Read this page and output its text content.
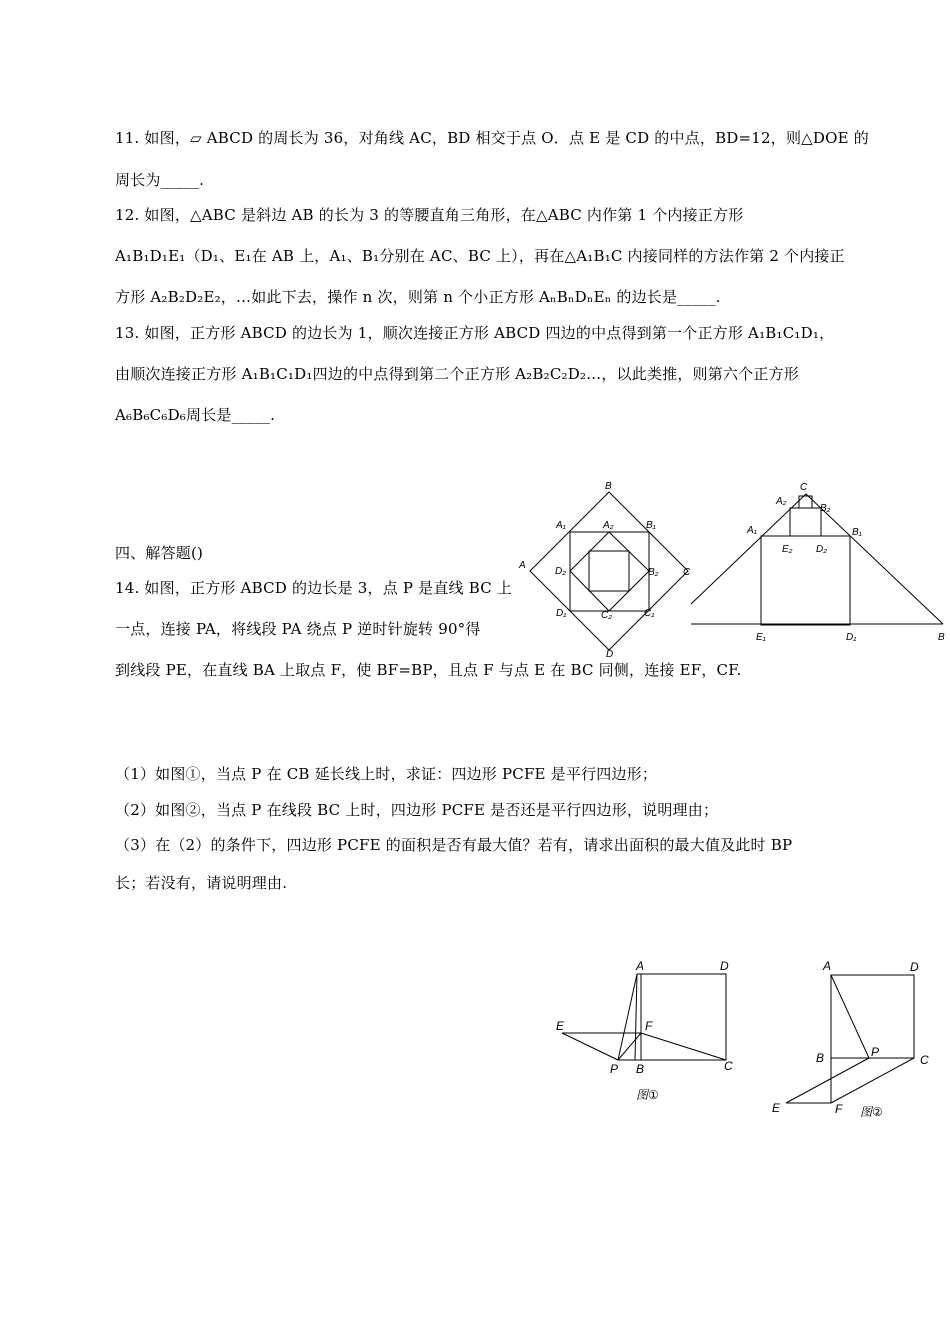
11. 如图，▱ ABCD 的周长为 36，对角线 AC，BD 相交于点 O．点 E 是 CD 的中点，BD=12，则△DOE 的
周长为_____.
12. 如图，△ABC 是斜边 AB 的长为 3 的等腰直角三角形，在△ABC 内作第 1 个内接正方形
A₁B₁D₁E₁（D₁、E₁在 AB 上，A₁、B₁分别在 AC、BC 上），再在△A₁B₁C 内接同样的方法作第 2 个内接正
方形 A₂B₂D₂E₂，…如此下去，操作 n 次，则第 n 个小正方形 AₙBₙDₙEₙ 的边长是_____.
13. 如图，正方形 ABCD 的边长为 1，顺次连接正方形 ABCD 四边的中点得到第一个正方形 A₁B₁C₁D₁，
由顺次连接正方形 A₁B₁C₁D₁四边的中点得到第二个正方形 A₂B₂C₂D₂…，以此类推，则第六个正方形
A₆B₆C₆D₆周长是_____.
四、解答题()
14. 如图，正方形 ABCD 的边长是 3，点 P 是直线 BC 上
一点，连接 PA，将线段 PA 绕点 P 逆时针旋转 90°得
到线段 PE，在直线 BA 上取点 F，使 BF=BP，且点 F 与点 E 在 BC 同侧，连接 EF，CF.
（1）如图①，当点 P 在 CB 延长线上时，求证：四边形 PCFE 是平行四边形；
（2）如图②，当点 P 在线段 BC 上时，四边形 PCFE 是否还是平行四边形，说明理由；
（3）在（2）的条件下，四边形 PCFE 的面积是否有最大值？若有，请求出面积的最大值及此时 BP
长；若没有，请说明理由.
B
A₁	A₂	B₁
A
D₂	B₂ C
D₁	C₂	C₁
D
C
A₂
B₂
A₁	B₁
E₂ D₂
E₁	D₁	B
A	D
E	F
P B	C
图①
A	D
B	P
C
E	F 图②
